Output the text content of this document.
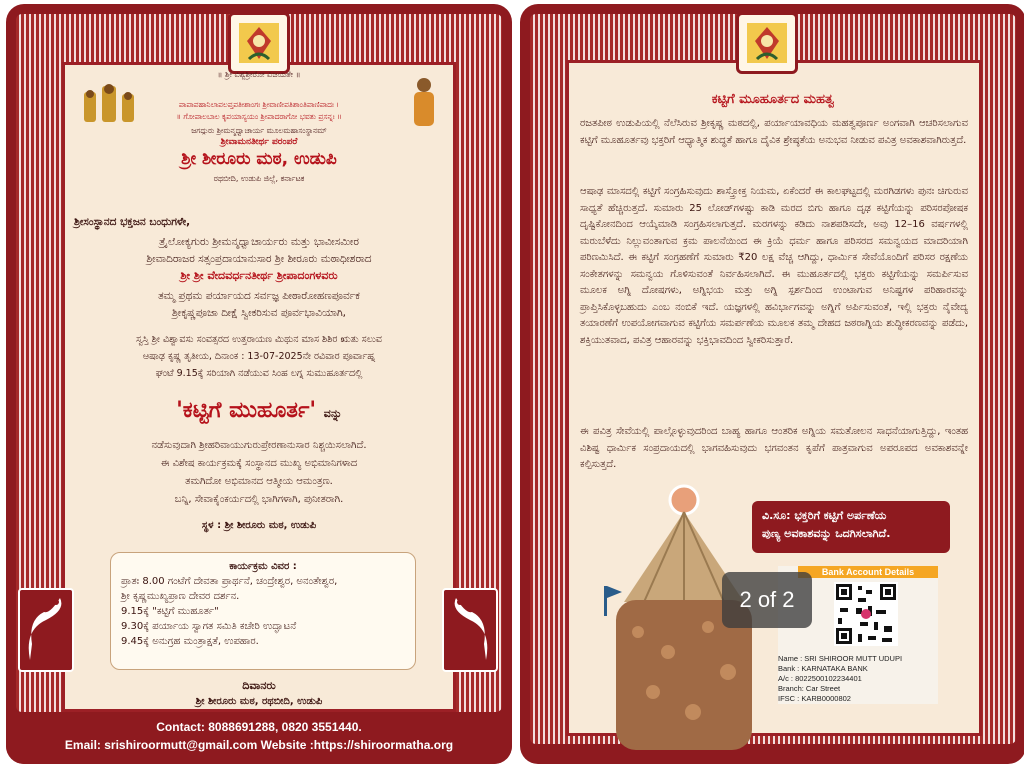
॥ ಶ್ರೀ ವಿಶ್ವಶ್ರೀರೋ ವಿಜಯತೇ ॥
ಪಾಪಾಪಹಾನಿಲಾಪಲಪ್ತಪತೀಶಾಂಗಃ ಶ್ರೀವಾಣೀಪತಿಶಾಂತಿಪಾಣಿಪಾದಃ ।
॥ ಗೋಪಾಲಬಾಲ ಕೃಪಯಾಸ್ಯಯಂ ಶ್ರೀಪಾದರಾಗೋ ಭವತು ಪ್ರಸನ್ನಃ ॥
ಜಗದ್ಗುರು ಶ್ರೀಮನ್ಮಧ್ವಾಚಾರ್ಯ ಮೂಲಮಹಾಸಂಸ್ಥಾನಮ್
ಶ್ರೀವಾಮನತೀರ್ಥ ಪರಂಪರೆ
ಶ್ರೀ ಶೀರೂರು ಮಠ, ಉಡುಪಿ
ರಥಬೀದಿ, ಉಡುಪಿ ಜಿಲ್ಲೆ, ಕರ್ನಾಟಕ
ಶ್ರೀಸಂಸ್ಥಾನದ ಭಕ್ತಜನ ಬಂಧುಗಳೇ,
ತ್ರೈಲೋಕ್ಯಗುರು ಶ್ರೀಮನ್ಮಧ್ವಾಚಾರ್ಯರು ಮತ್ತು ಭಾವೀಸಮೀರ
ಶ್ರೀವಾದಿರಾಜರ ಸತ್ಸಂಪ್ರದಾಯಾನುಸಾರ ಶ್ರೀ ಶೀರೂರು ಮಠಾಧೀಶರಾದ
ಶ್ರೀ ಶ್ರೀ ವೇದವರ್ಧನತೀರ್ಥ ಶ್ರೀಪಾದಂಗಳವರು
ತಮ್ಮ ಪ್ರಥಮ ಪರ್ಯಾಯದ ಸರ್ವಜ್ಞ ಪೀಠಾರೋಹಣಪೂರ್ವಕ
ಶ್ರೀಕೃಷ್ಣಪೂಜಾ ದೀಕ್ಷೆ ಸ್ವೀಕರಿಸುವ ಪೂರ್ವಭಾವಿಯಾಗಿ,
ಸ್ವಸ್ತಿ ಶ್ರೀ ವಿಶ್ವಾವಸು ಸಂವತ್ಸರದ ಉತ್ತರಾಯಣ ಮಿಥುನ ಮಾಸ ಶಿಶಿರ ಋತು ಸಲುವ
ಆಷಾಢ ಕೃಷ್ಣ ತೃತೀಯ, ದಿನಾಂಕ : 13-07-2025ನೇ ರವಿವಾರ ಪೂರ್ವಾಹ್ನ
ಘಂಟೆ 9.15ಕ್ಕೆ ಸರಿಯಾಗಿ ನಡೆಯುವ ಸಿಂಹ ಲಗ್ನ ಸುಮುಹೂರ್ತದಲ್ಲಿ
'ಕಟ್ಟಿಗೆ ಮುಹೂರ್ತ' ವನ್ನು
ನಡೆಸುವುದಾಗಿ ಶ್ರೀಹರಿವಾಯುಗುರುಪ್ರೇರಣಾನುಸಾರ ನಿಶ್ಚಯಿಸಲಾಗಿದೆ.
ಈ ವಿಶೇಷ ಕಾರ್ಯಕ್ರಮಕ್ಕೆ ಸಂಸ್ಥಾನದ ಮುಖ್ಯ ಅಭಿಮಾನಿಗಳಾದ
ತಮಗಿದೋ ಅಭಿಮಾನದ ಆತ್ಮೀಯ ಆಮಂತ್ರಣ.
ಬನ್ನಿ, ಸೇವಾಕೈಂಕರ್ಯದಲ್ಲಿ ಭಾಗಿಗಳಾಗಿ, ಪುನೀತರಾಗಿ.
ಸ್ಥಳ : ಶ್ರೀ ಶೀರೂರು ಮಠ, ಉಡುಪಿ
ಕಾರ್ಯಕ್ರಮ ವಿವರ :
ಪ್ರಾತಃ 8.00 ಗಂಟೆಗೆ ದೇವತಾ ಪ್ರಾರ್ಥನೆ, ಚಂದ್ರೇಶ್ವರ, ಅನಂತೇಶ್ವರ,
ಶ್ರೀ ಕೃಷ್ಣಮುಖ್ಯಪ್ರಾಣ ದೇವರ ದರ್ಶನ.
9.15ಕ್ಕೆ "ಕಟ್ಟಿಗೆ ಮುಹೂರ್ತ"
9.30ಕ್ಕೆ ಪರ್ಯಾಯ ಸ್ವಾಗತ ಸಮಿತಿ ಕಚೇರಿ ಉದ್ಘಾಟನೆ
9.45ಕ್ಕೆ ಅನುಗ್ರಹ ಮಂತ್ರಾಕ್ಷತೆ, ಉಪಹಾರ.
ದಿವಾನರು
ಶ್ರೀ ಶೀರೂರು ಮಠ, ರಥಬೀದಿ, ಉಡುಪಿ
Contact: 8088691288, 0820 3551440.
Email: srishiroormutt@gmail.com Website :https://shiroormatha.org
ಕಟ್ಟಿಗೆ ಮೂಹೂರ್ತದ ಮಹತ್ವ
ರಜತಪೀಠ ಉಡುಪಿಯಲ್ಲಿ ನೆಲೆಸಿರುವ ಶ್ರೀಕೃಷ್ಣ ಮಠದಲ್ಲಿ, ಪರ್ಯಾಯಾವಧಿಯ ಮಹತ್ವಪೂರ್ಣ ಅಂಗವಾಗಿ ಆಚರಿಸಲಾಗುವ ಕಟ್ಟಿಗೆ ಮೂಹೂರ್ತವು ಭಕ್ತರಿಗೆ ಆಧ್ಯಾತ್ಮಿಕ ಶುದ್ಧತೆ ಹಾಗೂ ದೈವಿಕ ಶ್ರೇಷ್ಠತೆಯ ಅನುಭವ ನೀಡುವ ಪವಿತ್ರ ಅವಕಾಶವಾಗಿರುತ್ತದೆ.
ಆಷಾಢ ಮಾಸದಲ್ಲಿ ಕಟ್ಟಿಗೆ ಸಂಗ್ರಹಿಸುವುದು ಶಾಸ್ತ್ರೋಕ್ತ ನಿಯಮ, ಏಕೆಂದರೆ ಈ ಕಾಲಘಟ್ಟದಲ್ಲಿ ಮರಗಿಡಗಳು ಪುನಃ ಚಿಗುರುವ ಸಾಧ್ಯತೆ ಹೆಚ್ಚಿರುತ್ತದೆ. ಸುಮಾರು 25 ಲೋಡ್‌ಗಳಷ್ಟು ಕಾಡಿ ಮರದ ಬಿಗು ಹಾಗೂ ದೃಢ ಕಟ್ಟಿಗೆಯನ್ನು ಪರಿಸರಪೋಷಕ ದೃಷ್ಟಿಕೋನದಿಂದ ಆಯ್ಕೆಮಾಡಿ ಸಂಗ್ರಹಿಸಲಾಗುತ್ತದೆ. ಮರಗಳನ್ನು ಕಡಿದು ನಾಶಪಡಿಸದೇ, ಅವು 12–16 ವರ್ಷಗಳಲ್ಲಿ ಮರುಬೆಳೆದು ನಿಲ್ಲುವಂತಾಗುವ ಕ್ರಮ ಪಾಲನೆಯಿಂದ ಈ ಕ್ರಿಯೆ ಧರ್ಮ ಹಾಗೂ ಪರಿಸರದ ಸಮನ್ವಯದ ಮಾದರಿಯಾಗಿ ಪರಿಣಮಿಸಿದೆ. ಈ ಕಟ್ಟಿಗೆ ಸಂಗ್ರಹಣೆಗೆ ಸುಮಾರು ₹20 ಲಕ್ಷ ವೆಚ್ಚ ಆಗಿದ್ದು, ಧಾರ್ಮಿಕ ಸೇವೆಯೊಂದಿಗೆ ಪರಿಸರ ರಕ್ಷಣೆಯ ಸಂಕೇತಗಳನ್ನು ಸಮನ್ವಯ ಗೊಳಿಸುವಂತೆ ನಿರ್ವಹಿಸಲಾಗಿದೆ. ಈ ಮುಹೂರ್ತದಲ್ಲಿ ಭಕ್ತರು ಕಟ್ಟಿಗೆಯನ್ನು ಸಮರ್ಪಿಸುವ ಮೂಲಕ ಅಗ್ನಿ ದೋಷಗಳು, ಅಗ್ನಿಭಯ ಮತ್ತು ಅಗ್ನಿ ಸ್ಪರ್ಶದಿಂದ ಉಂಟಾಗುವ ಅನಿಷ್ಟಗಳ ಪರಿಹಾರವನ್ನು ಪ್ರಾಪ್ತಿಸಿಕೊಳ್ಳಬಹುದು ಎಂಬ ನಂಬಿಕೆ ಇದೆ. ಯಜ್ಞಗಳಲ್ಲಿ ಹವಿರ್ಭಾಗವನ್ನು ಅಗ್ನಿಗೆ ಅರ್ಪಿಸುವಂತೆ, ಇಲ್ಲಿ ಭಕ್ತರು ನೈವೇದ್ಯ ತಯಾರಣೆಗೆ ಉಪಯೋಗವಾಗುವ ಕಟ್ಟಿಗೆಯ ಸಮರ್ಪಣೆಯ ಮೂಲಕ ತಮ್ಮ ದೇಹದ ಜಠರಾಗ್ನಿಯ ಶುದ್ಧೀಕರಣವನ್ನು ಪಡೆದು, ಶಕ್ತಿಯುತವಾದ, ಪವಿತ್ರ ಆಹಾರವನ್ನು ಭಕ್ತಿಭಾವದಿಂದ ಸ್ವೀಕರಿಸುತ್ತಾರೆ.
ಈ ಪವಿತ್ರ ಸೇವೆಯಲ್ಲಿ ಪಾಲ್ಗೊಳ್ಳುವುದರಿಂದ ಬಾಹ್ಯ ಹಾಗೂ ಆಂತರಿಕ ಅಗ್ನಿಯ ಸಮತೋಲನ ಸಾಧನೆಯಾಗುತ್ತಿದ್ದು, ಇಂತಹ ವಿಶಿಷ್ಟ ಧಾರ್ಮಿಕ ಸಂಪ್ರದಾಯದಲ್ಲಿ ಭಾಗವಹಿಸುವುದು ಭಗವಂತನ ಕೃಪೆಗೆ ಪಾತ್ರವಾಗುವ ಅಪರೂಪದ ಅವಕಾಶವನ್ನೇ ಕಲ್ಪಿಸುತ್ತದೆ.
ವಿ.ಸೂ: ಭಕ್ತರಿಗೆ ಕಟ್ಟಿಗೆ ಅರ್ಪಣೆಯ
ಪುಣ್ಯ ಅವಕಾಶವನ್ನು ಒದಗಿಸಲಾಗಿದೆ.
Bank Account Details
Name : SRI SHIROOR MUTT UDUPI
Bank : KARNATAKA BANK
A/c : 8022500102234401
Branch: Car Street
IFSC : KARB0000802
2 of 2
